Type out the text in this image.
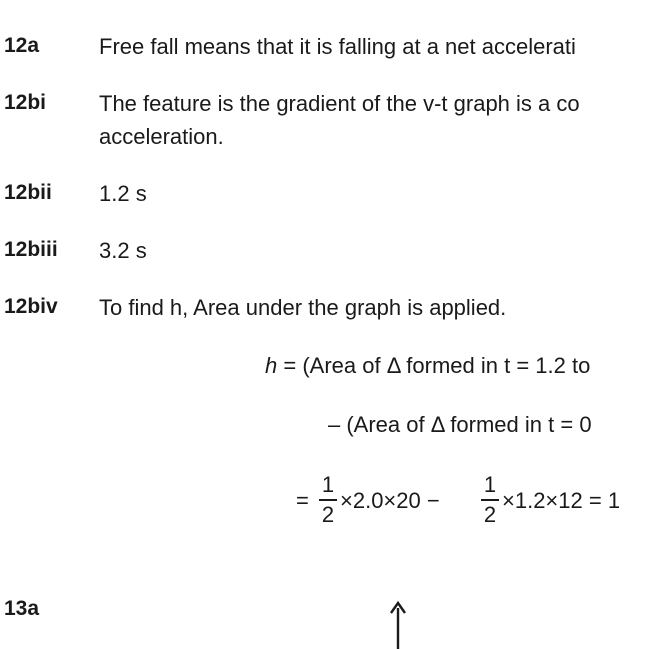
12a	Free fall means that it is falling at a net accelerati
12bi The feature is the gradient of the v-t graph is a co
acceleration.
12bii 1.2 s
12biii 3.2 s
12biv To find h, Area under the graph is applied.
h = (Area of Δ formed in t = 1.2 to
– (Area of Δ formed in t = 0
=
1
2
×2.0×20 −
1
2
×1.2×12 = 1
13a
